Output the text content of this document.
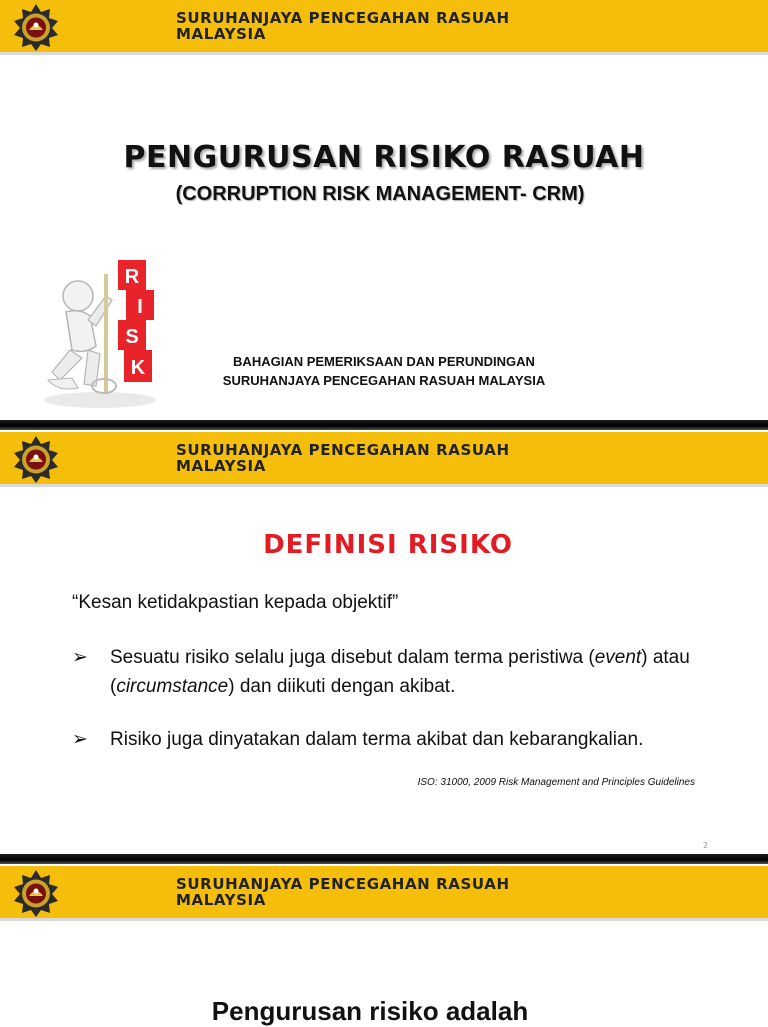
SURUHANJAYA PENCEGAHAN RASUAH
MALAYSIA
PENGURUSAN RISIKO RASUAH
(CORRUPTION RISK MANAGEMENT- CRM)
R
I
S
K	BAHAGIAN PEMERIKSAAN DAN PERUNDINGAN
SURUHANJAYA PENCEGAHAN RASUAH MALAYSIA
SURUHANJAYA PENCEGAHAN RASUAH
MALAYSIA
DEFINISI RISIKO
“Kesan ketidakpastian kepada objektif”
➢ Sesuatu risiko selalu juga disebut dalam terma peristiwa (event) atau (circumstance) dan diikuti dengan akibat.
➢ Risiko juga dinyatakan dalam terma akibat dan kebarangkalian.
ISO: 31000, 2009 Risk Management and Principles Guidelines
2
SURUHANJAYA PENCEGAHAN RASUAH
MALAYSIA
Pengurusan risiko adalah
